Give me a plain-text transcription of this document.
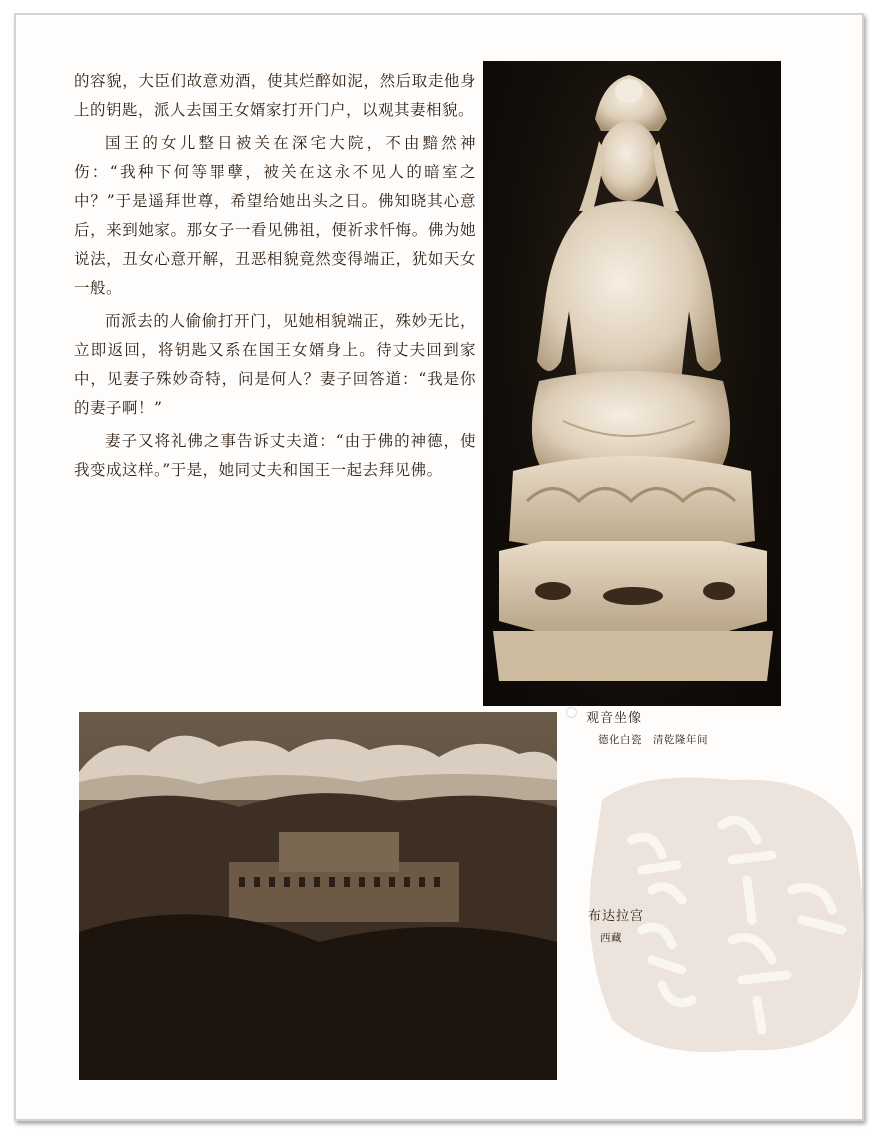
的容貌，大臣们故意劝酒，使其烂醉如泥，然后取走他身上的钥匙，派人去国王女婿家打开门户，以观其妻相貌。

国王的女儿整日被关在深宅大院，不由黯然神伤：“我种下何等罪孽，被关在这永不见人的暗室之中？”于是遥拜世尊，希望给她出头之日。佛知晓其心意后，来到她家。那女子一看见佛祖，便祈求忏悔。佛为她说法，丑女心意开解，丑恶相貌竟然变得端正，犹如天女一般。

而派去的人偷偷打开门，见她相貌端正，殊妙无比，立即返回，将钥匙又系在国王女婿身上。待丈夫回到家中，见妻子殊妙奇特，问是何人？妻子回答道：“我是你的妻子啊！”

妻子又将礼佛之事告诉丈夫道：“由于佛的神德，使我变成这样。”于是，她同丈夫和国王一起去拜见佛。

观音坐像
德化白瓷　清乾隆年间
布达拉宫
西藏
